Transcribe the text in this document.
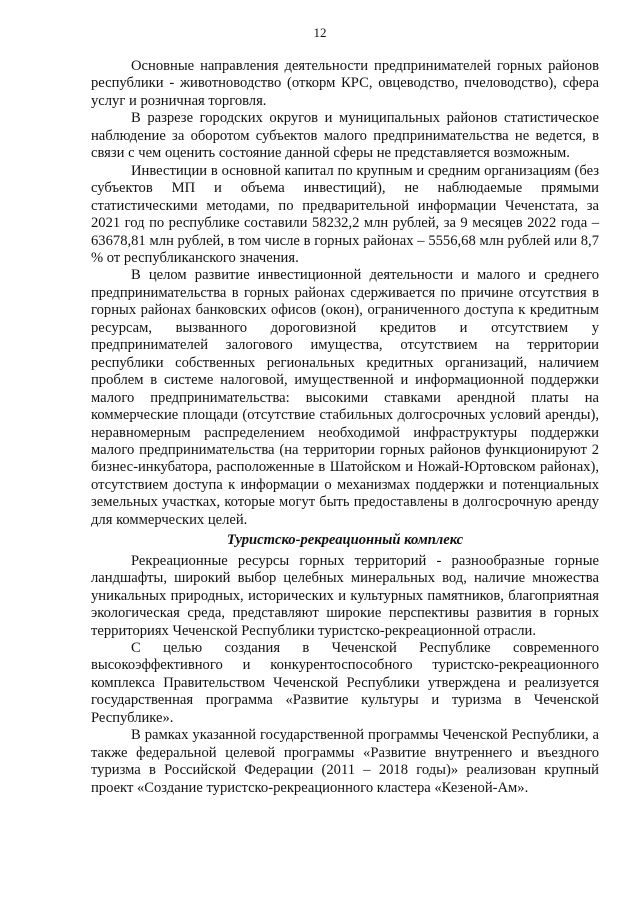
12

Основные направления деятельности предпринимателей горных районов республики - животноводство (откорм КРС, овцеводство, пчеловодство), сфера услуг и розничная торговля.

В разрезе городских округов и муниципальных районов статистическое наблюдение за оборотом субъектов малого предпринимательства не ведется, в связи с чем оценить состояние данной сферы не представляется возможным.

Инвестиции в основной капитал по крупным и средним организациям (без субъектов МП и объема инвестиций), не наблюдаемые прямыми статистическими методами, по предварительной информации Чеченстата, за 2021 год по республике составили 58232,2 млн рублей, за 9 месяцев 2022 года – 63678,81 млн рублей, в том числе в горных районах – 5556,68 млн рублей или 8,7 % от республиканского значения.

В целом развитие инвестиционной деятельности и малого и среднего предпринимательства в горных районах сдерживается по причине отсутствия в горных районах банковских офисов (окон), ограниченного доступа к кредитным ресурсам, вызванного дороговизной кредитов и отсутствием у предпринимателей залогового имущества, отсутствием на территории республики собственных региональных кредитных организаций, наличием проблем в системе налоговой, имущественной и информационной поддержки малого предпринимательства: высокими ставками арендной платы на коммерческие площади (отсутствие стабильных долгосрочных условий аренды), неравномерным распределением необходимой инфраструктуры поддержки малого предпринимательства (на территории горных районов функционируют 2 бизнес-инкубатора, расположенные в Шатойском и Ножай-Юртовском районах), отсутствием доступа к информации о механизмах поддержки и потенциальных земельных участках, которые могут быть предоставлены в долгосрочную аренду для коммерческих целей.

Туристско-рекреационный комплекс

Рекреационные ресурсы горных территорий - разнообразные горные ландшафты, широкий выбор целебных минеральных вод, наличие множества уникальных природных, исторических и культурных памятников, благоприятная экологическая среда, представляют широкие перспективы развития в горных территориях Чеченской Республики туристско-рекреационной отрасли.

С целью создания в Чеченской Республике современного высокоэффективного и конкурентоспособного туристско-рекреационного комплекса Правительством Чеченской Республики утверждена и реализуется государственная программа «Развитие культуры и туризма в Чеченской Республике».

В рамках указанной государственной программы Чеченской Республики, а также федеральной целевой программы «Развитие внутреннего и въездного туризма в Российской Федерации (2011 – 2018 годы)» реализован крупный проект «Создание туристско-рекреационного кластера «Кезеной-Ам».
